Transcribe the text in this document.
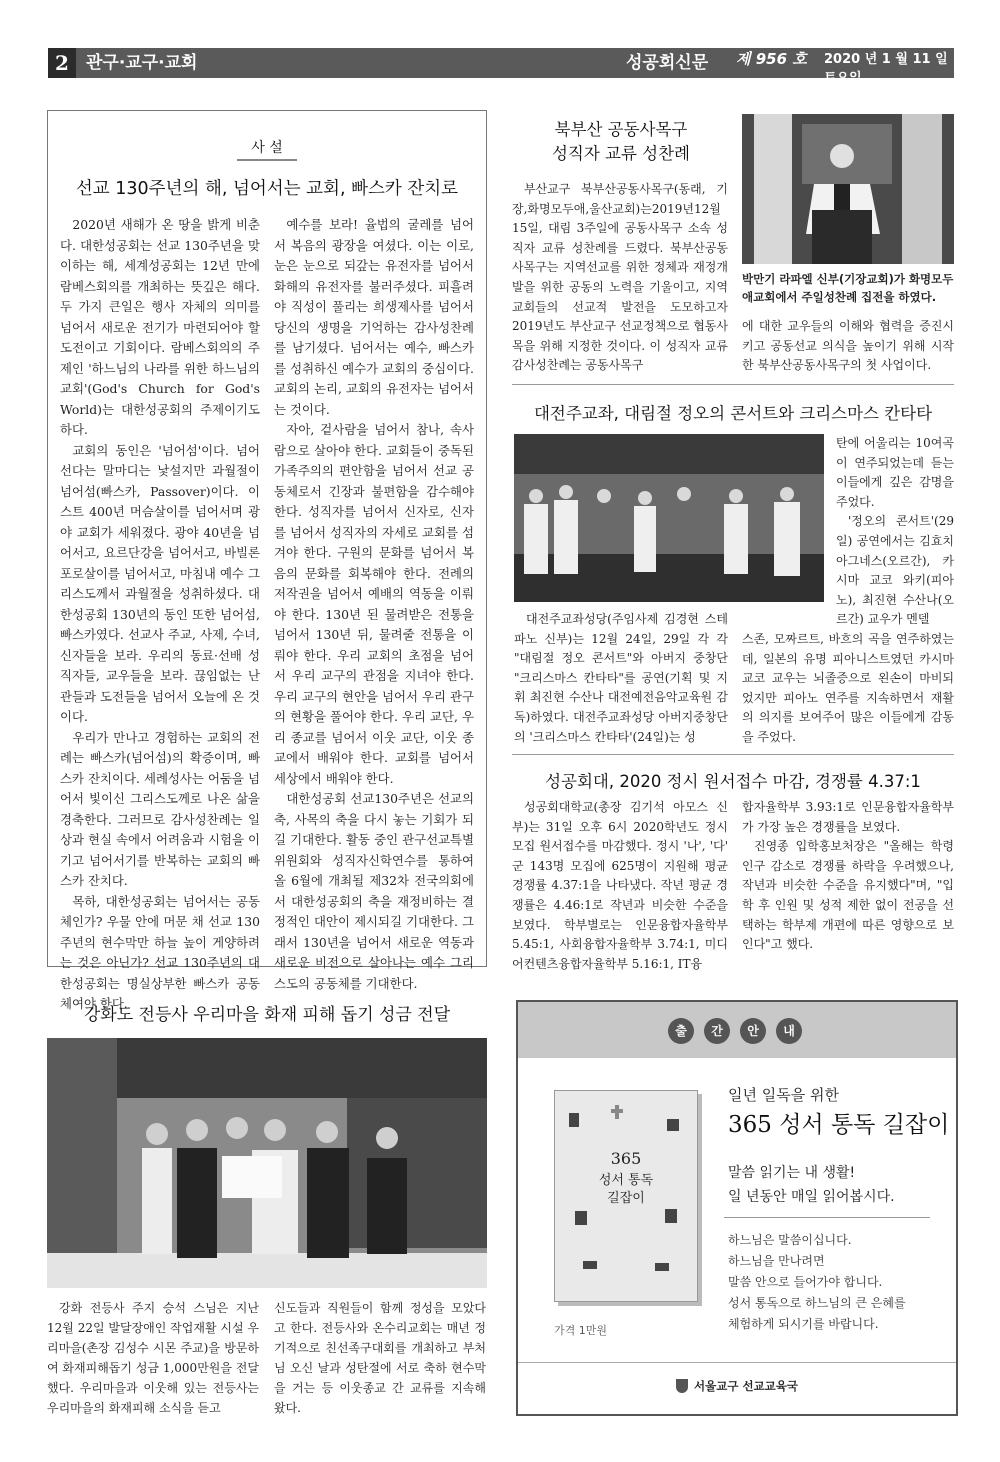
2	관구·교구·교회	성공회신문 제 956 호 2020 년 1 월 11 일 토요일
사 설
선교 130주년의 해, 넘어서는 교회, 빠스카 잔치로

2020년 새해가 온 땅을 밝게 비춘다. 대한성공회는 선교 130주년을 맞이하는 해, 세계성공회는 12년 만에 람베스회의를 개최하는 뜻깊은 해다. 두 가지 큰일은 행사 자체의 의미를 넘어서 새로운 전기가 마련되어야 할 도전이고 기회이다. 람베스회의의 주제인 '하느님의 나라를 위한 하느님의 교회'(God's Church for God's World)는 대한성공회의 주제이기도 하다.

교회의 동인은 '넘어섬'이다. 넘어선다는 말마디는 낯설지만 과월절이 넘어섬(빠스카, Passover)이다. 이스트 400년 머슴살이를 넘어서며 광야 교회가 세워졌다. 광야 40년을 넘어서고, 요르단강을 넘어서고, 바빌론 포로살이를 넘어서고, 마침내 예수 그리스도께서 과월절을 성취하셨다. 대한성공회 130년의 동인 또한 넘어섬, 빠스카였다. 선교사 주교, 사제, 수녀, 신자들을 보라. 우리의 동료·선배 성직자들, 교우들을 보라. 끊임없는 난관들과 도전들을 넘어서 오늘에 온 것이다.

우리가 만나고 경험하는 교회의 전례는 빠스카(넘어섬)의 확증이며, 빠스카 잔치이다. 세례성사는 어둠을 넘어서 빛이신 그리스도께로 나온 삶을 경축한다. 그러므로 감사성찬례는 일상과 현실 속에서 어려움과 시험을 이기고 넘어서기를 반복하는 교회의 빠스카 잔치다.

목하, 대한성공회는 넘어서는 공동체인가? 우물 안에 머문 채 선교 130주년의 현수막만 하늘 높이 게양하려는 것은 아닌가? 선교 130주년의 대한성공회는 명실상부한 빠스카 공동체여야 한다.

예수를 보라! 율법의 굴레를 넘어서 복음의 광장을 여셨다. 이는 이로, 눈은 눈으로 되갚는 유전자를 넘어서 화해의 유전자를 불러주셨다. 피흘려야 직성이 풀리는 희생제사를 넘어서 당신의 생명을 기억하는 감사성찬례를 남기셨다. 넘어서는 예수, 빠스카를 성취하신 예수가 교회의 중심이다. 교회의 논리, 교회의 유전자는 넘어서는 것이다.

자아, 겉사람을 넘어서 참나, 속사람으로 살아야 한다. 교회들이 중독된 가족주의의 편안함을 넘어서 선교 공동체로서 긴장과 불편함을 감수해야 한다. 성직자를 넘어서 신자로, 신자를 넘어서 성직자의 자세로 교회를 섬겨야 한다. 구원의 문화를 넘어서 복음의 문화를 회복해야 한다. 전례의 저작권을 넘어서 예배의 역동을 이뤄야 한다. 130년 된 물려받은 전통을 넘어서 130년 뒤, 물려줄 전통을 이뤄야 한다. 우리 교회의 초점을 넘어서 우리 교구의 관점을 지녀야 한다. 우리 교구의 현안을 넘어서 우리 관구의 현황을 풀어야 한다. 우리 교단, 우리 종교를 넘어서 이웃 교단, 이웃 종교에서 배워야 한다. 교회를 넘어서 세상에서 배워야 한다.

대한성공회 선교130주년은 선교의 축, 사목의 축을 다시 놓는 기회가 되길 기대한다. 활동 중인 관구선교특별위원회와 성직자신학연수를 통하여 올 6월에 개최될 제32차 전국의회에서 대한성공회의 축을 재정비하는 결정적인 대안이 제시되길 기대한다. 그래서 130년을 넘어서 새로운 역동과 새로운 비전으로 살아나는 예수 그리스도의 공동체를 기대한다.

북부산 공동사목구
성직자 교류 성찬례

부산교구 북부산공동사목구(동래, 기장,화명모두애,울산교회)는2019년12월 15일, 대림 3주일에 공동사목구 소속 성직자 교류 성찬례를 드렸다. 북부산공동사목구는 지역선교를 위한 정체과 재정개발을 위한 공동의 노력을 기울이고, 지역 교회들의 선교적 발전을 도모하고자 2019년도 부산교구 선교정책으로 협동사목을 위해 지정한 것이다. 이 성직자 교류 감사성찬례는 공동사목구

박만기 라파엘 신부(기장교회)가 화명모두애교회에서 주일성찬례 집전을 하였다.

에 대한 교우들의 이해와 협력을 증진시키고 공동선교 의식을 높이기 위해 시작한 북부산공동사목구의 첫 사업이다.

대전주교좌, 대림절 정오의 콘서트와 크리스마스 칸타타

탄에 어울리는 10여곡이 연주되었는데 듣는 이들에게 깊은 감명을 주었다.

'정오의 콘서트'(29일) 공연에서는 김효치 아그네스(오르간), 카시마 교코 와키(피아노), 최진현 수산나(오르간) 교우가 멘델

대전주교좌성당(주임사제 김경현 스테파노 신부)는 12월 24일, 29일 각 각 "대림절 정오 콘서트"와 아버지 중창단 "크리스마스 칸타타"를 공연(기획 및 지휘 최진현 수산나 대전예전음악교육원 감독)하였다. 대전주교좌성당 아버지중창단의 '크리스마스 칸타타'(24일)는 성

스존, 모짜르트, 바흐의 곡을 연주하였는데, 일본의 유명 피아니스트였던 카시마 교코 교우는 뇌졸증으로 왼손이 마비되었지만 피아노 연주를 지속하면서 재활의 의지를 보여주어 많은 이들에게 감동을 주었다.

성공회대, 2020 정시 원서접수 마감, 경쟁률 4.37:1

성공회대학교(총장 김기석 아모스 신부)는 31일 오후 6시 2020학년도 정시모집 원서접수를 마감했다. 정시 '나', '다' 군 143명 모집에 625명이 지원해 평균 경쟁률 4.37:1을 나타냈다. 작년 평균 경쟁률은 4.46:1로 작년과 비슷한 수준을 보였다. 학부별로는 인문융합자율학부 5.45:1, 사회융합자율학부 3.74:1, 미디어컨텐츠융합자율학부 5.16:1, IT융

합자율학부 3.93:1로 인문융합자율학부가 가장 높은 경쟁률을 보였다.

진영종 입학홍보처장은 "올해는 학령인구 감소로 경쟁률 하락을 우려했으나, 작년과 비슷한 수준을 유지했다"며, "입학 후 인원 및 성적 제한 없이 전공을 선택하는 학부제 개편에 따른 영향으로 보인다"고 했다.

강화도 전등사 우리마을 화재 피해 돕기 성금 전달

강화 전등사 주지 승석 스님은 지난 12월 22일 발달장애인 작업재활 시설 우리마을(촌장 김성수 시몬 주교)을 방문하여 화재피해돕기 성금 1,000만원을 전달했다. 우리마을과 이웃해 있는 전등사는 우리마을의 화재피해 소식을 듣고

신도들과 직원들이 함께 정성을 모았다고 한다. 전등사와 온수리교회는 매년 정기적으로 친선족구대회를 개최하고 부처님 오신 날과 성탄절에 서로 축하 현수막을 거는 등 이웃종교 간 교류를 지속해 왔다.

출	간	안	내
365
성서 통독
길잡이
가격 1만원
일년 일독을 위한
365 성서 통독 길잡이
말씀 읽기는 내 생활!
일 년동안 매일 읽어봅시다.
하느님은 말씀이십니다.
하느님을 만나려면
말씀 안으로 들어가야 합니다.
성서 통독으로 하느님의 큰 은혜를
체험하게 되시기를 바랍니다.
서울교구 선교교육국
